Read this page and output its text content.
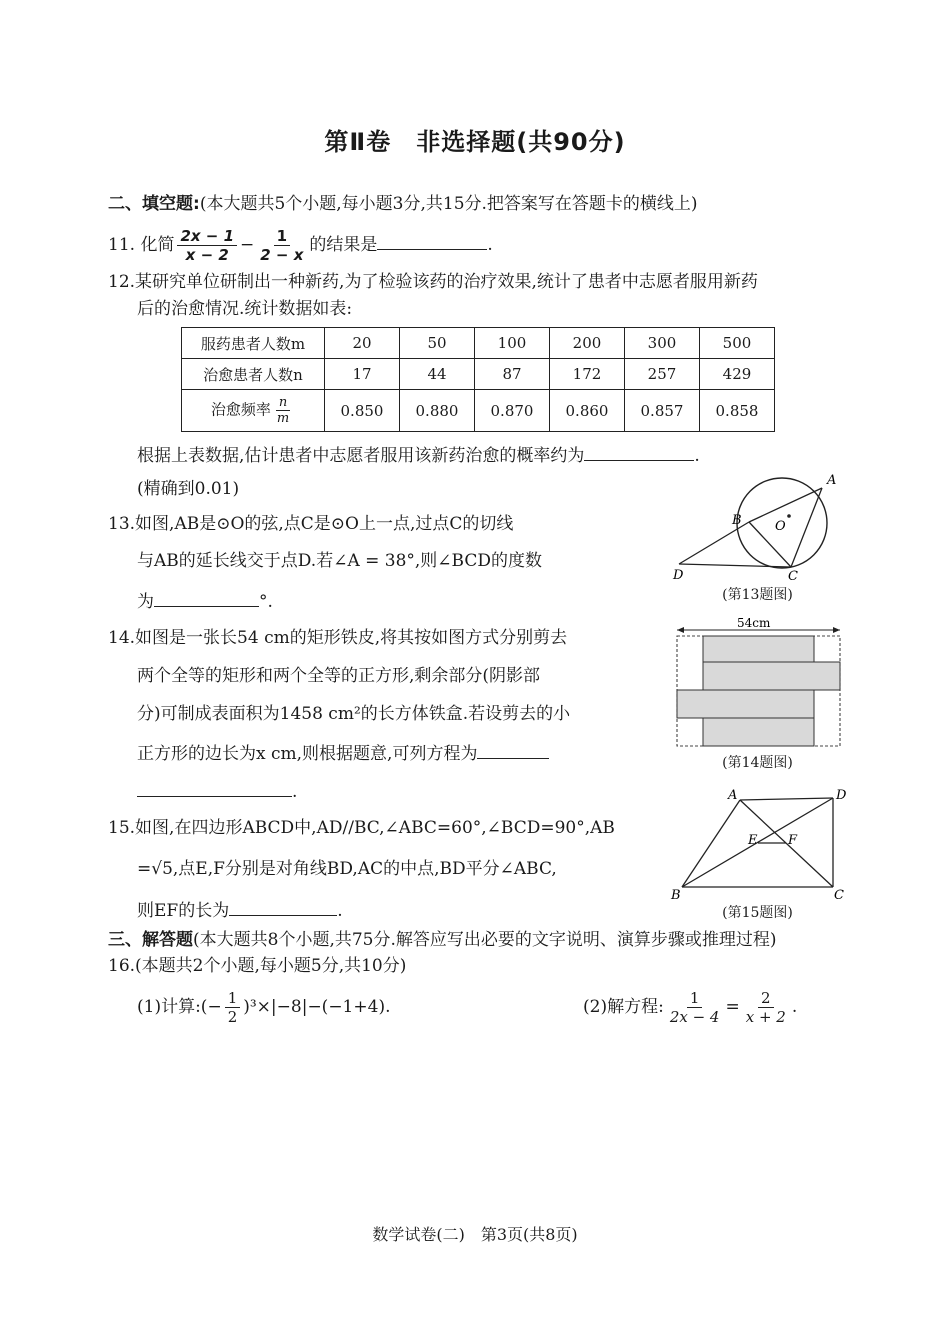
第Ⅱ卷　非选择题(共90分)
二、填空题:(本大题共5个小题,每小题3分,共15分.把答案写在答题卡的横线上)
11. 化简 $\frac{2x - 1}{x - 2} - \frac{1}{2 - x}$ 的结果是	.
12.某研究单位研制出一种新药,为了检验该药的治疗效果,统计了患者中志愿者服用新药
后的治愈情况.统计数据如表:
服药患者人数m	20	50	100	200	300	500
治愈患者人数n	17	44	87	172	257	429
治愈频率 $\frac{n}{m}$	0.850	0.880	0.870	0.860	0.857	0.858
根据上表数据,估计患者中志愿者服用该新药治愈的概率约为	.
(精确到0.01)
13.如图,AB是⊙O的弦,点C是⊙O上一点,过点C的切线
与AB的延长线交于点D.若∠A = 38°,则∠BCD的度数
为	°.
A
B	O
D	C
(第13题图)
14.如图是一张长54 cm的矩形铁皮,将其按如图方式分别剪去
两个全等的矩形和两个全等的正方形,剩余部分(阴影部
分)可制成表面积为1458 cm²的长方体铁盒.若设剪去的小
正方形的边长为x cm,则根据题意,可列方程为
.
54cm
(第14题图)
15.如图,在四边形ABCD中,AD//BC,∠ABC=60°,∠BCD=90°,AB
=√5,点E,F分别是对角线BD,AC的中点,BD平分∠ABC,
则EF的长为	.
A	D
E F
B	C
(第15题图)
三、解答题(本大题共8个小题,共75分.解答应写出必要的文字说明、演算步骤或推理过程)
16.(本题共2个小题,每小题5分,共10分)
(1)计算:(− $\frac{1}{2} )^3\times|-8|-(-1+4)$.	(2)解方程: $\frac{1}{2x - 4} = \frac{2}{x + 2}$ .
数学试卷(二)　第3页(共8页)
